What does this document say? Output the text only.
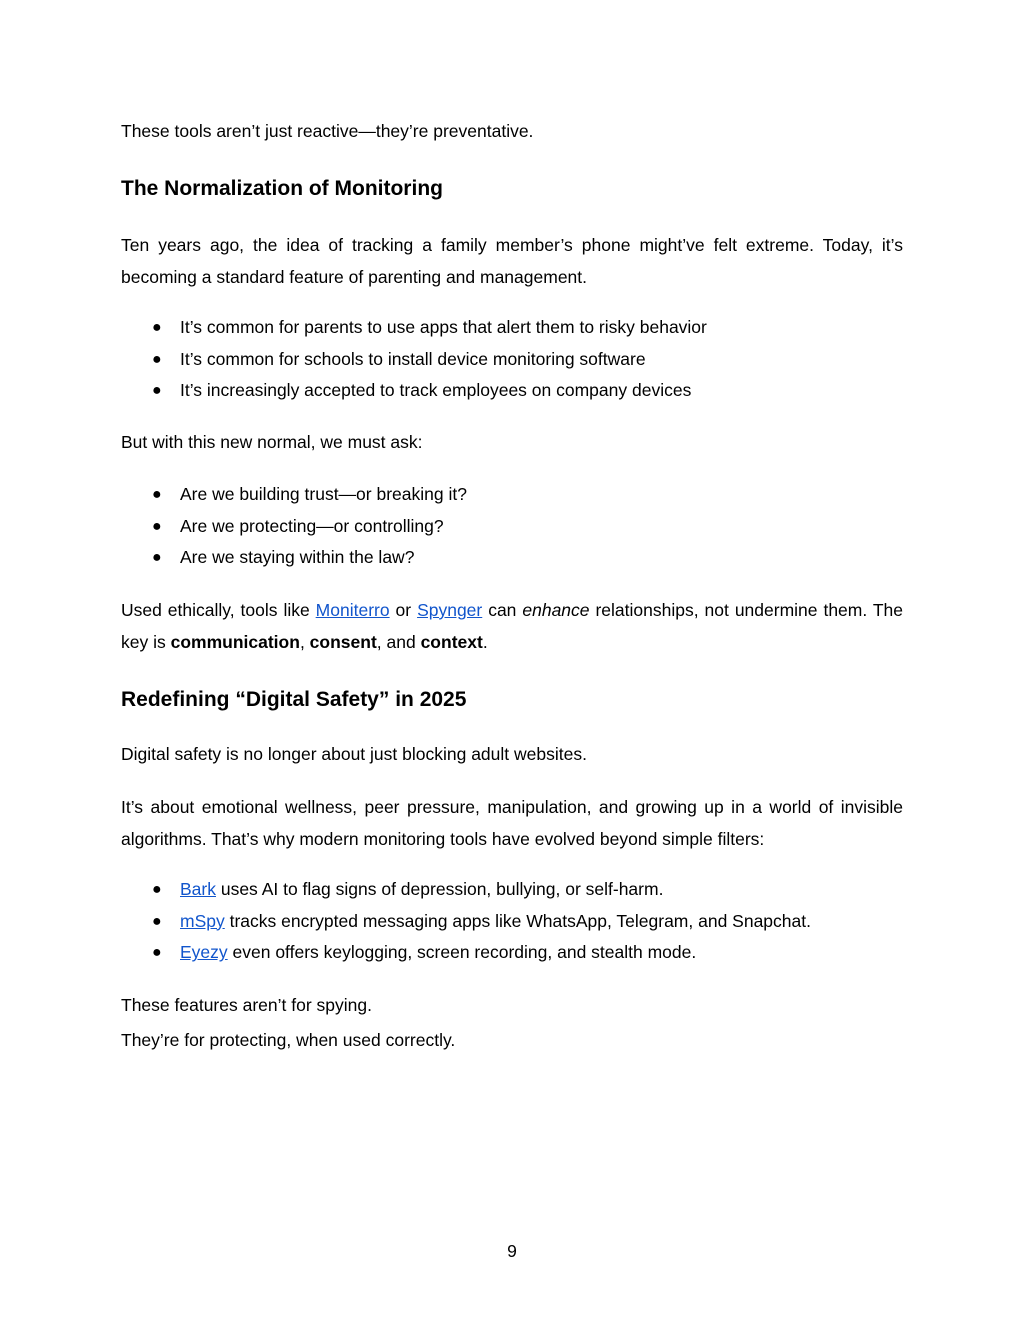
These tools aren’t just reactive—they’re preventative.

The Normalization of Monitoring

Ten years ago, the idea of tracking a family member’s phone might’ve felt extreme. Today, it’s becoming a standard feature of parenting and management.

● It’s common for parents to use apps that alert them to risky behavior
● It’s common for schools to install device monitoring software
● It’s increasingly accepted to track employees on company devices

But with this new normal, we must ask:

● Are we building trust—or breaking it?
● Are we protecting—or controlling?
● Are we staying within the law?

Used ethically, tools like Moniterro or Spynger can enhance relationships, not undermine them. The key is communication, consent, and context.

Redefining “Digital Safety” in 2025

Digital safety is no longer about just blocking adult websites.

It’s about emotional wellness, peer pressure, manipulation, and growing up in a world of invisible algorithms. That’s why modern monitoring tools have evolved beyond simple filters:

● Bark uses AI to flag signs of depression, bullying, or self-harm.
● mSpy tracks encrypted messaging apps like WhatsApp, Telegram, and Snapchat.
● Eyezy even offers keylogging, screen recording, and stealth mode.

These features aren’t for spying.

They’re for protecting, when used correctly.

9
